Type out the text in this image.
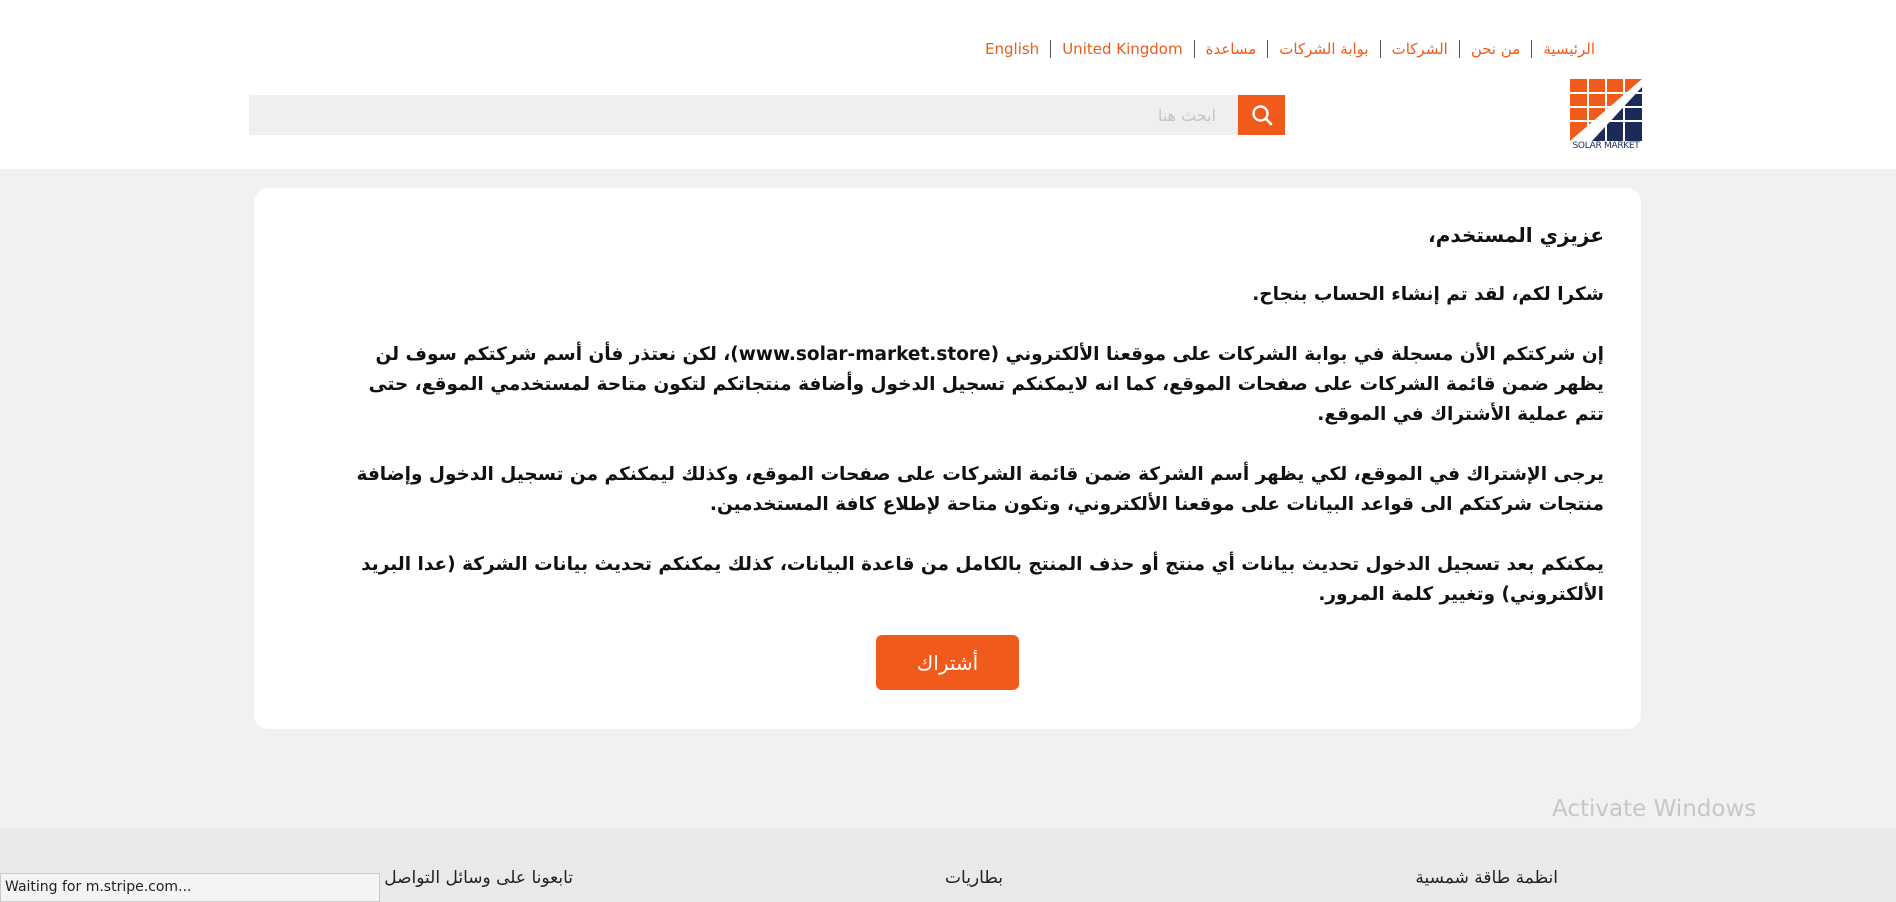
الرئيسية
من نحن
الشركات
بوابة الشركات
مساعدة
United Kingdom
English
SOLAR MARKET
ابحث هنا

عزيزي المستخدم،

شكرا لكم، لقد تم إنشاء الحساب بنجاح.

إن شركتكم الأن مسجلة في بوابة الشركات على موقعنا الألكتروني (www.solar-market.store)، لكن نعتذر فأن أسم شركتكم سوف لن يظهر ضمن قائمة الشركات على صفحات الموقع، كما انه لايمكنكم تسجيل الدخول وأضافة منتجاتكم لتكون متاحة لمستخدمي الموقع، حتى تتم عملية الأشتراك في الموقع.

يرجى الإشتراك في الموقع، لكي يظهر أسم الشركة ضمن قائمة الشركات على صفحات الموقع، وكذلك ليمكنكم من تسجيل الدخول وإضافة منتجات شركتكم الى قواعد البيانات على موقعنا الألكتروني، وتكون متاحة لإطلاع كافة المستخدمين.

يمكنكم بعد تسجيل الدخول تحديث بيانات أي منتج أو حذف المنتج بالكامل من قاعدة البيانات، كذلك يمكنكم تحديث بيانات الشركة (عدا البريد الألكتروني) وتغيير كلمة المرور.

أشتراك
Activate Windows
انظمة طاقة شمسية
بطاريات
تابعونا على وسائل التواصل
Waiting for m.stripe.com...
